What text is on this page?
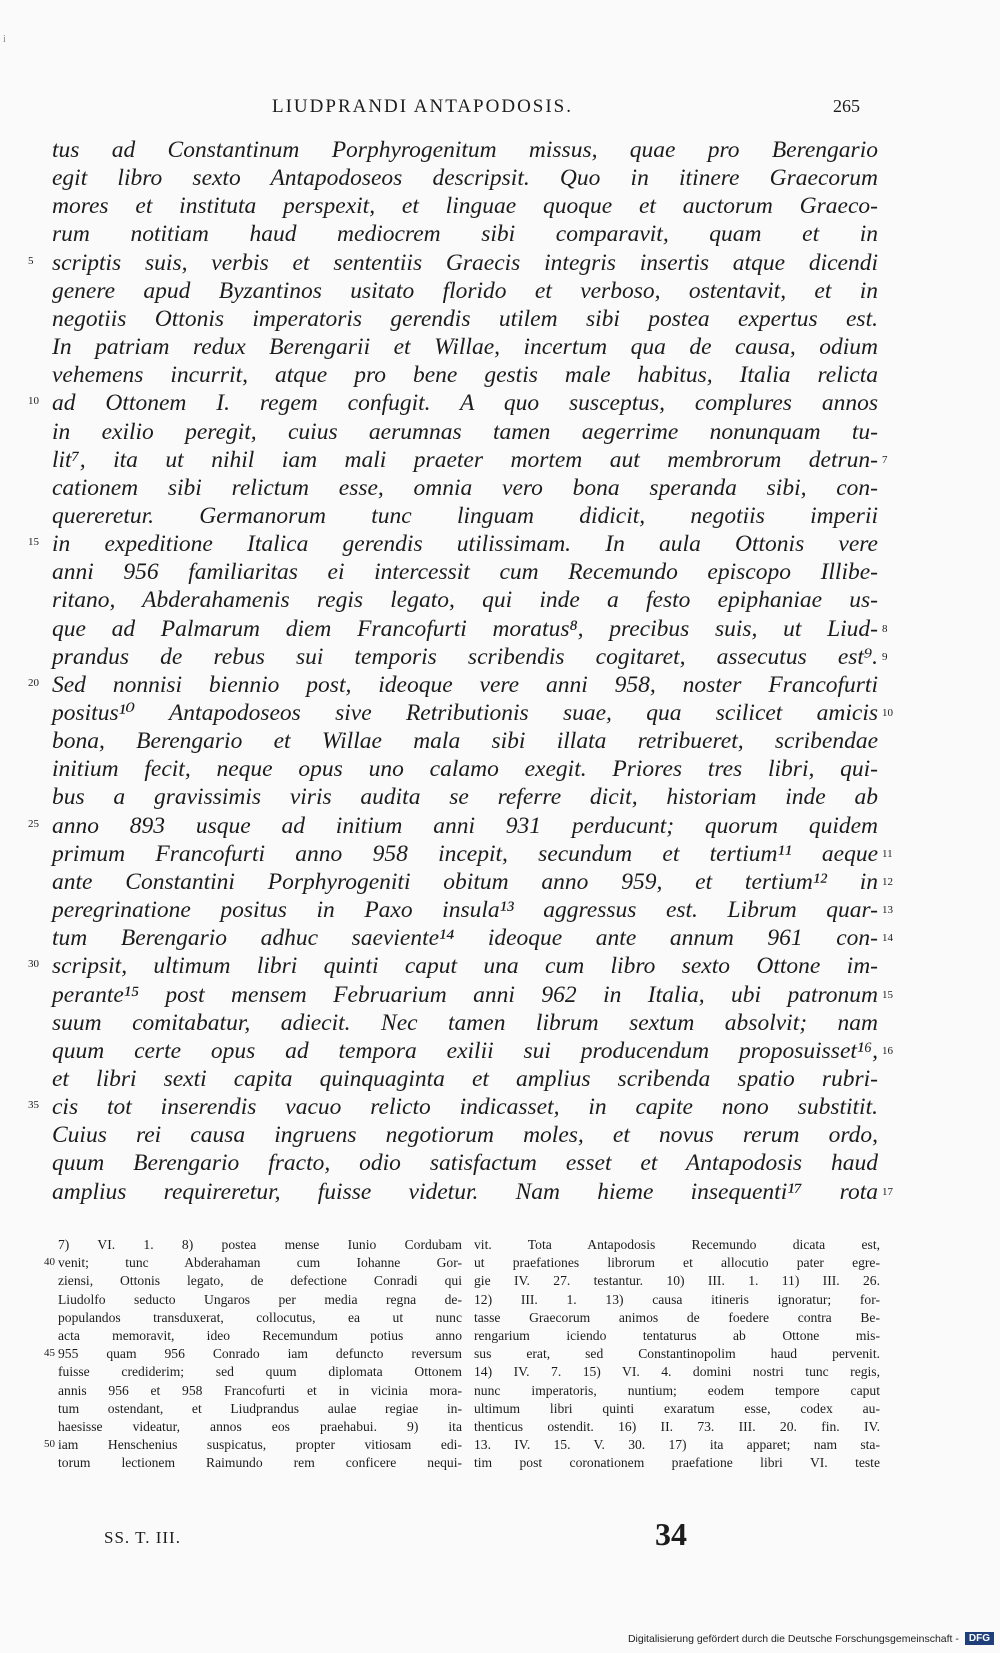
i
LIUDPRANDI ANTAPODOSIS.	265
tus ad Constantinum Porphyrogenitum missus, quae pro Berengario
egit libro sexto Antapodoseos descripsit. Quo in itinere Graecorum
mores et instituta perspexit, et linguae quoque et auctorum Graeco-
rum notitiam haud mediocrem sibi comparavit, quam et in
scriptis suis, verbis et sententiis Graecis integris insertis atque dicendi
5
genere apud Byzantinos usitato florido et verboso, ostentavit, et in
negotiis Ottonis imperatoris gerendis utilem sibi postea expertus est.
In patriam redux Berengarii et Willae, incertum qua de causa, odium
vehemens incurrit, atque pro bene gestis male habitus, Italia relicta
ad Ottonem I. regem confugit. A quo susceptus, complures annos
10
in exilio peregit, cuius aerumnas tamen aegerrime nonunquam tu-
lit⁷, ita ut nihil iam mali praeter mortem aut membrorum detrun- 7
cationem sibi relictum esse, omnia vero bona speranda sibi, con-
quereretur. Germanorum tunc linguam didicit, negotiis imperii
in expeditione Italica gerendis utilissimam. In aula Ottonis vere
15
anni 956 familiaritas ei intercessit cum Recemundo episcopo Illibe-
ritano, Abderahamenis regis legato, qui inde a festo epiphaniae us-
que ad Palmarum diem Francofurti moratus⁸, precibus suis, ut Liud- 8
prandus de rebus sui temporis scribendis cogitaret, assecutus est⁹. 9
Sed nonnisi biennio post, ideoque vere anni 958, noster Francofurti
20
positus¹⁰ Antapodoseos sive Retributionis suae, qua scilicet amicis 10
bona, Berengario et Willae mala sibi illata retribueret, scribendae
initium fecit, neque opus uno calamo exegit. Priores tres libri, qui-
bus a gravissimis viris audita se referre dicit, historiam inde ab
anno 893 usque ad initium anni 931 perducunt; quorum quidem
25
primum Francofurti anno 958 incepit, secundum et tertium¹¹ aeque 11
ante Constantini Porphyrogeniti obitum anno 959, et tertium¹² in 12
peregrinatione positus in Paxo insula¹³ aggressus est. Librum quar- 13
tum Berengario adhuc saeviente¹⁴ ideoque ante annum 961 con- 14
scripsit, ultimum libri quinti caput una cum libro sexto Ottone im-
30
perante¹⁵ post mensem Februarium anni 962 in Italia, ubi patronum 15
suum comitabatur, adiecit. Nec tamen librum sextum absolvit; nam
quum certe opus ad tempora exilii sui producendum proposuisset¹⁶, 16
et libri sexti capita quinquaginta et amplius scribenda spatio rubri-
cis tot inserendis vacuo relicto indicasset, in capite nono substitit.
35
Cuius rei causa ingruens negotiorum moles, et novus rerum ordo,
quum Berengario fracto, odio satisfactum esset et Antapodosis haud
amplius requireretur, fuisse videtur. Nam hieme insequenti¹⁷ rota 17
7) VI. 1. 8) postea mense Iunio Cordubam
venit; tunc Abderahaman cum Iohanne Gor-
ziensi, Ottonis legato, de defectione Conradi qui
Liudolfo seducto Ungaros per media regna de-
populandos transduxerat, collocutus, ea ut nunc
acta memoravit, ideo Recemundum potius anno
955 quam 956 Conrado iam defuncto reversum
fuisse crediderim; sed quum diplomata Ottonem
annis 956 et 958 Francofurti et in vicinia mora-
tum ostendant, et Liudprandus aulae regiae in-
haesisse videatur, annos eos praehabui. 9) ita
iam Henschenius suspicatus, propter vitiosam edi-
torum lectionem Raimundo rem conficere nequi-
vit. Tota Antapodosis Recemundo dicata est,
ut praefationes librorum et allocutio pater egre-
gie IV. 27. testantur. 10) III. 1. 11) III. 26.
12) III. 1. 13) causa itineris ignoratur; for-
tasse Graecorum animos de foedere contra Be-
rengarium iciendo tentaturus ab Ottone mis-
sus erat, sed Constantinopolim haud pervenit.
14) IV. 7. 15) VI. 4. domini nostri tunc regis,
nunc imperatoris, nuntium; eodem tempore caput
ultimum libri quinti exaratum esse, codex au-
thenticus ostendit. 16) II. 73. III. 20. fin. IV.
13. IV. 15. V. 30. 17) ita apparet; nam sta-
tim post coronationem praefatione libri VI. teste
SS. T. III.	34
Digitalisierung gefördert durch die Deutsche Forschungsgemeinschaft -	DFG
40
45
50
